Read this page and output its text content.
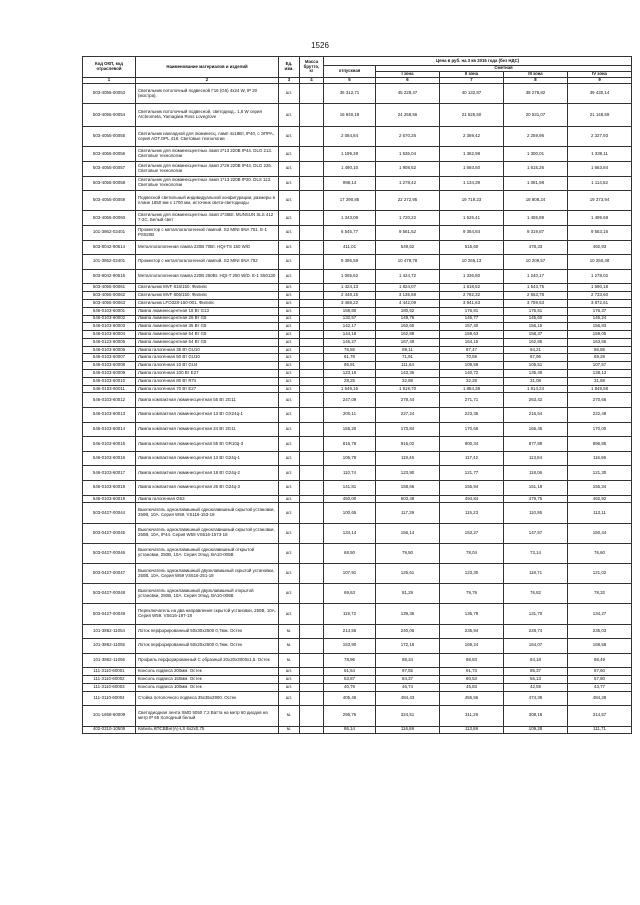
1526
Код ОКП, код отраслевой	Наименование материалов и изделий	Ед. изм.	Масса брутто, кг	Цена в руб. на 3 кв 2015 года (без НДС)				
				отпускная	Сметная			
					I зона	II зона	III зона	IV зона
1	2	3	4	5	6	7	8	9
503-4055-00053	Светильник потолочный подвесной Г16 (G5) 4х24 W, IP 20 (мостра).	шт.		35 312,71	45 228,47	40 132,87	38 278,82	39 430,14
503-4055-00054	Светильник потолочный подвесной, светодиод., 1,6 W серия Arcbrometa, Yamagiwa Ross Lovegrove	шт.		16 940,18	24 258,56	21 525,50	20 531,07	21 148,59
503-4055-00055	Светильник накладной для люминесц. ламп 4х18Вт, IP40, с ЭПРА, серия AOT.OPL 418. Световые технологии	шт.		2 084,84	2 670,26	2 369,42	2 259,96	2 327,93
503-4055-00056	Светильник для люминесцентных ламп 2*13 220В IP44. DLG 213. Световые технологии	шт.		1 199,28	1 536,04	1 362,98	1 300,01	1 339,11
503-4055-00057	Светильник для люминесцентных ламп 2*26 220В IP44. DLG 226. Световые технологии	шт.		1 490,10	1 908,52	1 693,50	1 615,26	1 663,84
503-4055-00058	Светильник для люминесцентных ламп 1*13 220В IP20. DLS 113. Световые технологии	шт.		998,14	1 278,42	1 134,39	1 081,98	1 114,52
503-4055-00059	Подвесной светильный индивидуальной конфигурации, размеры в плане 1850 мм х 1700 мм, источник света-светодиоды	шт.		17 390,85	22 272,95	19 719,23	18 808,24	19 373,94
503-4055-00060	Светильник для люминесцентных ламп 2*36Вт. MUNSUN SLS 412 7-2C. Белый свет	шт.		1 343,08	1 720,22	1 526,41	1 455,89	1 499,68
101-3862-02401	Прожектор с металлогалогенной лампой. S2 MINI 5NA 751. E-1 PS020B	шт.		6 545,77	9 561,52	9 364,84	9 319,87	9 553,16
503-8042-90514	Металлогалогенная лампа 220В 70Вт. HQI-TS 150 W/D	шт.		411,01	549,52	515,60	478,33	492,93
101-3862-02401	Прожектор с металлогалогенной лампой. S2 MINI 5NA 752	шт.		9 395,59	10 478,78	10 265,13	10 209,57	10 250,48
503-8042-90515	Металлогалогенная лампа 220В 250Вт. HQI-T 250 W/D. E-1 S50130	шт.		1 065,62	1 424,72	1 336,80	1 240,17	1 278,02
503-4055-00061	Светильник MVF 616/150. Филипс	шт.		1 424,13	1 824,07	1 618,52	1 543,75	1 590,18
503-4055-00062	Светильник MVF 606/150. Филипс	шт.		2 448,15	3 135,59	2 782,32	2 653,78	2 733,60
503-4055-00063	Светильник LFO328-150-001. Филипс	шт.		3 468,22	4 442,09	3 941,63	3 759,53	3 872,61
546-0103-60001	Лампа люминесцентная 18 Вт G13	шт.		159,80	180,52	176,91	175,51	176,37
546-0103-60002	Лампа люминесцентная 26 Вт G5	шт.		132,57	149,76	146,77	145,60	146,24
546-0103-60003	Лампа люминесцентная 35 Вт G5	шт.		142,17	160,60	157,40	156,15	156,83
546-0103-60004	Лампа люминесцентная 54 Вт G5	шт.		144,18	162,88	159,63	158,37	159,05
546-0123-60005	Лампа люминесцентная 54 Вт G5	шт.		146,27	167,49	164,15	162,85	163,56
546-0103-60006	Лампа галогенная 35 Вт GU10	шт.		76,55	89,11	87,47	84,21	86,85
546-0103-60007	Лампа галогенная 50 Вт GU10	шт.		61,78	71,91	70,59	67,96	69,29
546-0103-60008	Лампа галогенная 10 Вт GU4	шт.		95,91	111,64	109,59	105,51	107,57
546-0103-60009	Лампа галогенная 100 Вт E27	шт.		123,16	143,36	140,72	135,49	138,13
546-0103-60010	Лампа галогенная 80 Вт R7s	шт.		28,25	32,88	32,28	31,08	31,68
546-0103-60011	Лампа галогенная 70 Вт E27	шт.		1 649,16	1 919,70	1 884,38	1 814,24	1 849,58
546-0103-60012	Лампа компактная люминесцентная 55 Вт 2G11	шт.		247,09	278,44	271,71	263,42	270,66
546-0103-60013	Лампа компактная люминесцентная 13 Вт GX24q-1	шт.		200,11	227,24	223,35	216,54	222,48
546-0103-60014	Лампа компактная люминесцентная 24 Вт 2G11	шт.		155,20	173,84	170,66	165,45	170,00
546-0103-60015	Лампа компактная люминесцентная 55 Вт GR10q-3	шт.		816,78	916,02	900,34	877,89	896,85
546-0103-60016	Лампа компактная люминесцентная 13 Вт G24q-1	шт.		106,78	119,46	117,42	113,84	116,96
546-0103-60017	Лампа компактная люминесцентная 18 Вт G24q-2	шт.		110,74	123,90	121,77	118,06	121,30
546-0103-60018	Лампа компактная люминесцентная 26 Вт G24q-3	шт.		141,81	158,66	155,94	151,18	155,34
546-0103-60019	Лампа галогенная G53	шт.		450,00	503,49	494,84	479,75	492,92
503-0427-00044	Выключатель одноклавишный одноклавишный скрытой установки, 250В, 10А. Серия W59. VS116-153-18	шт.		100,65	117,39	115,23	110,95	113,11
503-0427-00045	Выключатель одноклавишный одноклавишный скрытой установки, 250В, 10А, IP44. Серия W59 VS616-1573-18	шт.		134,14	156,14	153,27	147,57	150,44
503-0427-00046	Выключатель одноклавишный одноклавишный открытой установки, 250В, 10А. Серия Этюд. ВА10-005В	шт.		68,50	79,50	78,04	73,14	76,60
503-0427-00047	Выключатель одноклавишный двухклавишный скрытой установки, 250В, 10А. Серия W59 VS516-251-18	шт.		107,91	125,61	123,30	118,71	121,02
503-0427-00048	Выключатель одноклавишный двухклавишный открытой установки, 250В, 10А. Серия Этюд. ВА10-006В	шт.		69,63	81,29	79,79	76,82	78,32
503-0427-00049	Переключатель на два направления скрытой установки, 250В, 10А. Серия W59. VS616-197-18	шт.		119,72	139,36	136,79	131,70	134,27
101-3862-11054	Лоток перфорированный 50х30х2500 0,7мм. Остек	м.		214,56	240,06	235,94	228,74	235,03
101-3862-11055	Лоток перфорированный 50х20х2500 0,7мм. Остек	м.		153,90	172,18	169,24	164,07	168,58
101-3862-11056	Профиль перфорированный С образный 20х20х3000х1,5. Остек	м.		78,96	88,34	86,83	84,18	86,49
111-3110-60001	Консоль подвеса 200мм. Остек	шт.		61,64	97,55	91,73	85,37	87,60
111-3110-60002	Консоль подвеса 150мм. Остек	шт.		53,87	84,37	80,53	56,13	57,80
111-3110-60003	Консоль подвеса 100мм. Остек	шт.		40,79	46,74	45,83	42,59	43,77
111-3110-60004	Стойка потолочного подвеса 35х35х2900. Остек	шт.		405,46	484,43	455,56	474,39	484,28
101-1658-60009	Светодиодная лента SMD 5050 7,2 Ватта на метр 60 диодов на метр IP 65 Холодный белый	м.		295,76	324,51	311,29	308,18	314,57
402-0310-10508	Кабель КПСВВнг(А)-LS 6х2х0,75	м.		86,14	116,69	113,69	109,28	111,71
